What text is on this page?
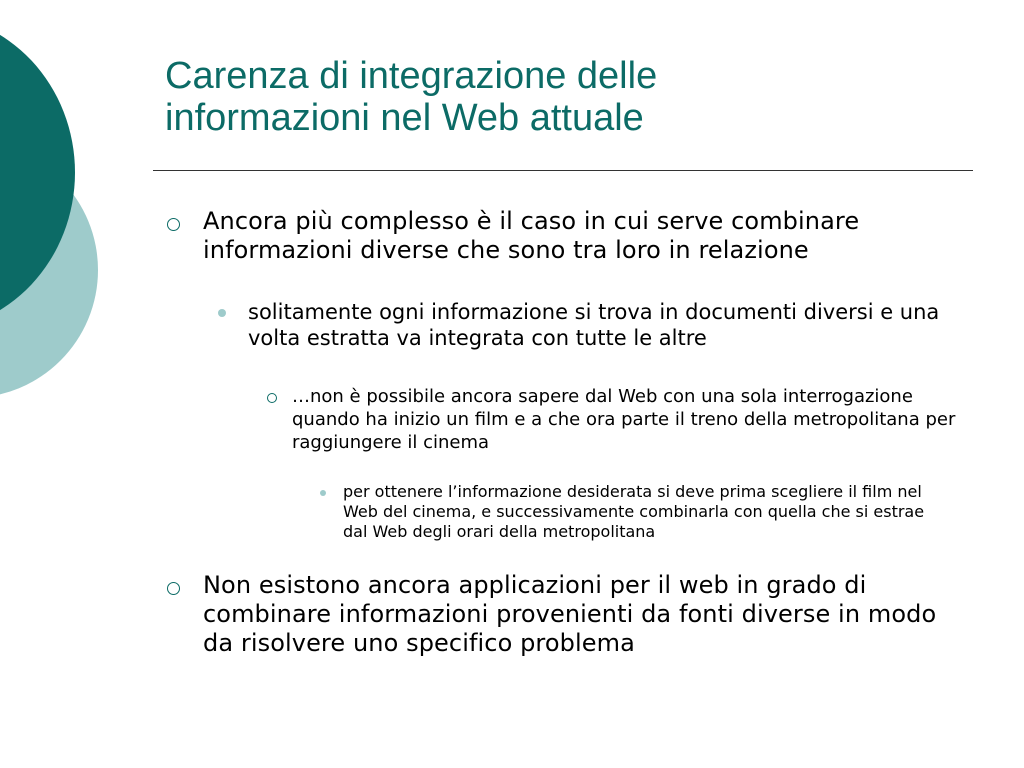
Carenza di integrazione delle
informazioni nel Web attuale

Ancora più complesso è il caso in cui serve combinare informazioni diverse che sono tra loro in relazione

solitamente ogni informazione si trova in documenti diversi e una volta estratta va integrata con tutte le altre

…non è possibile ancora sapere dal Web con una sola interrogazione quando ha inizio un film e a che ora parte il treno della metropolitana per raggiungere il cinema

per ottenere l’informazione desiderata si deve prima scegliere il film nel Web del cinema, e successivamente combinarla con quella che si estrae dal Web degli orari della metropolitana

Non esistono ancora applicazioni per il web in grado di combinare informazioni provenienti da fonti diverse in modo da risolvere uno specifico problema
